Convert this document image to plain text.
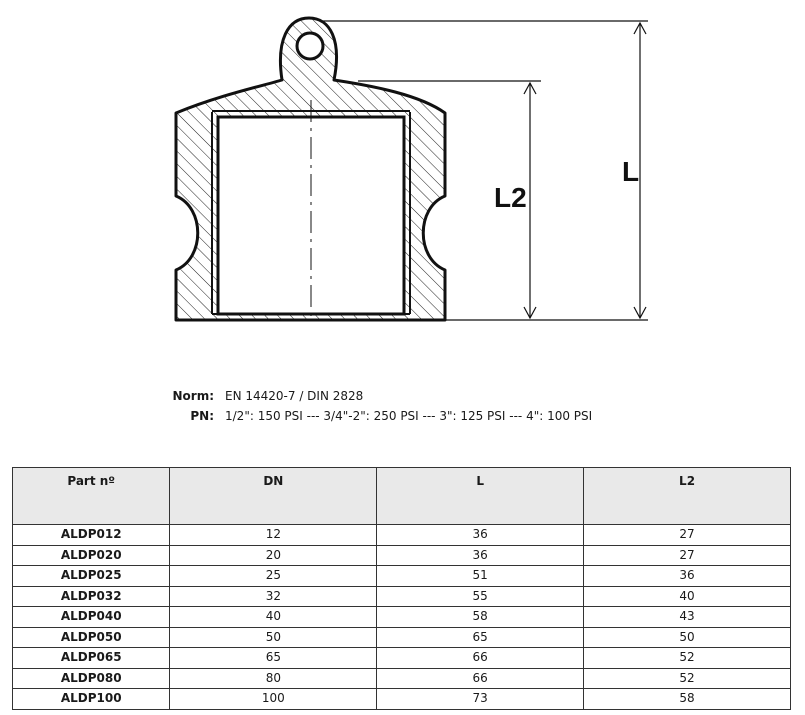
L
L2
Norm: EN 14420-7 / DIN 2828
PN: 1/2": 150 PSI --- 3/4"-2": 250 PSI --- 3": 125 PSI --- 4": 100 PSI
Part nº	DN	L	L2
ALDP012	12	36	27
ALDP020	20	36	27
ALDP025	25	51	36
ALDP032	32	55	40
ALDP040	40	58	43
ALDP050	50	65	50
ALDP065	65	66	52
ALDP080	80	66	52
ALDP100	100	73	58
